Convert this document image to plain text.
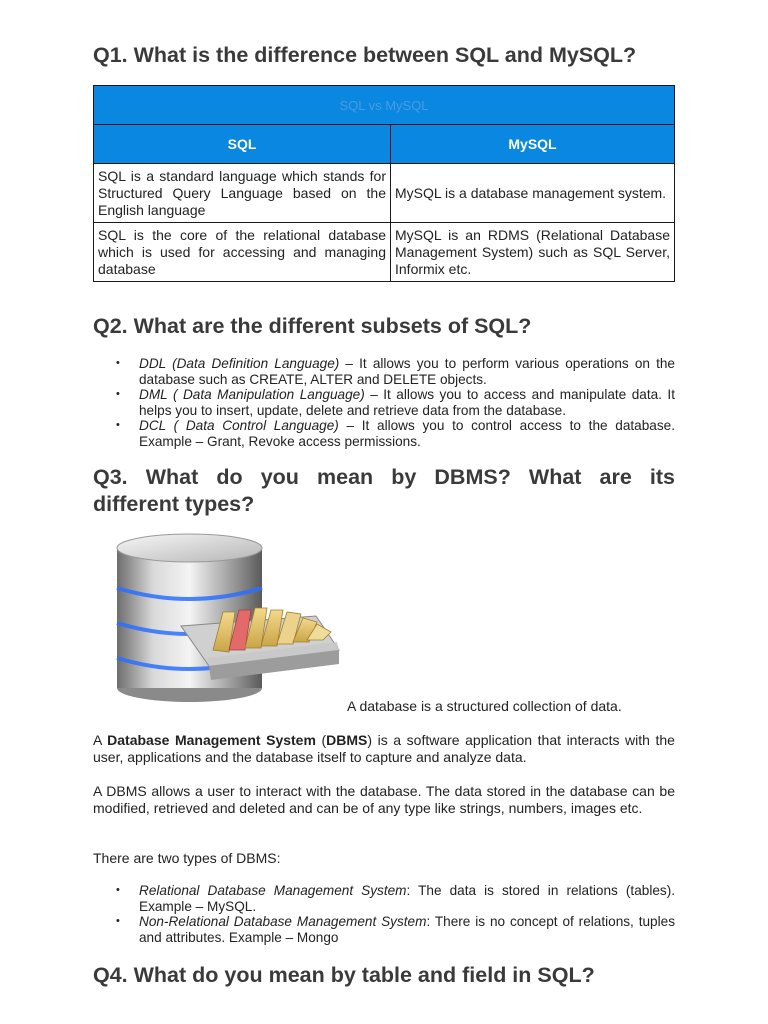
Q1. What is the difference between SQL and MySQL?
SQL vs MySQL	
SQL	MySQL
SQL is a standard language which stands for Structured Query Language based on the English language	MySQL is a database management system.
SQL is the core of the relational database which is used for accessing and managing database	MySQL is an RDMS (Relational Database Management System) such as SQL Server, Informix etc.
Q2. What are the different subsets of SQL?
• DDL (Data Definition Language) – It allows you to perform various operations on the database such as CREATE, ALTER and DELETE objects.
• DML ( Data Manipulation Language) – It allows you to access and manipulate data. It helps you to insert, update, delete and retrieve data from the database.
• DCL ( Data Control Language) – It allows you to control access to the database. Example – Grant, Revoke access permissions.
Q3. What do you mean by DBMS? What are its
different types?
A database is a structured collection of data.

A Database Management System (DBMS) is a software application that interacts with the user, applications and the database itself to capture and analyze data.

A DBMS allows a user to interact with the database. The data stored in the database can be modified, retrieved and deleted and can be of any type like strings, numbers, images etc.

There are two types of DBMS:

• Relational Database Management System: The data is stored in relations (tables). Example – MySQL.
• Non-Relational Database Management System: There is no concept of relations, tuples and attributes. Example – Mongo
Q4. What do you mean by table and field in SQL?
